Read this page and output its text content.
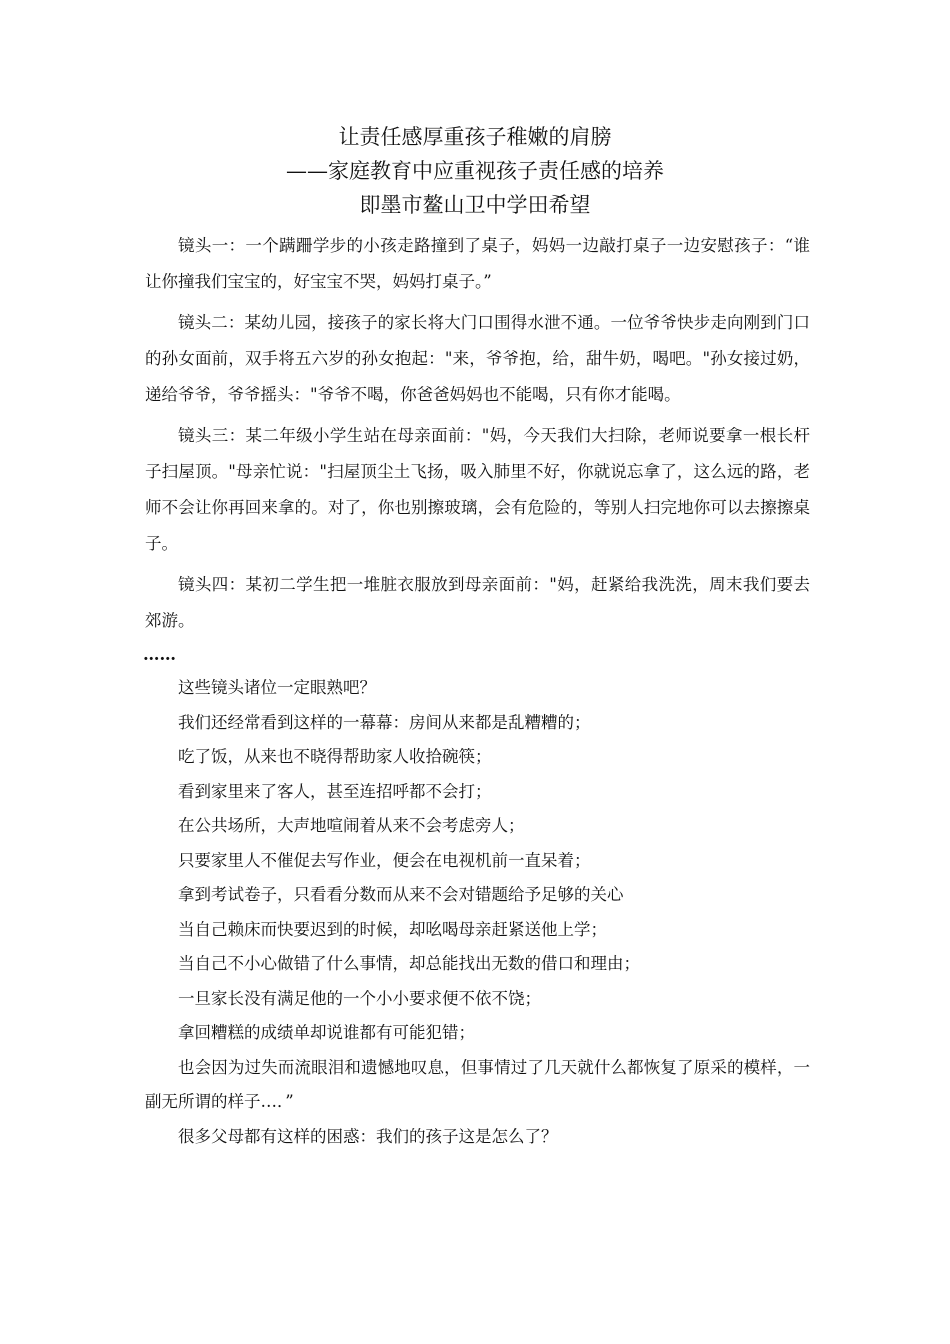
让责任感厚重孩子稚嫩的肩膀
——家庭教育中应重视孩子责任感的培养
即墨市鳌山卫中学田希望

镜头一：一个蹒跚学步的小孩走路撞到了桌子，妈妈一边敲打桌子一边安慰孩子：“谁让你撞我们宝宝的，好宝宝不哭，妈妈打桌子。”

镜头二：某幼儿园，接孩子的家长将大门口围得水泄不通。一位爷爷快步走向刚到门口的孙女面前，双手将五六岁的孙女抱起："来，爷爷抱，给，甜牛奶，喝吧。"孙女接过奶，递给爷爷，爷爷摇头："爷爷不喝，你爸爸妈妈也不能喝，只有你才能喝。

镜头三：某二年级小学生站在母亲面前："妈，今天我们大扫除，老师说要拿一根长杆子扫屋顶。"母亲忙说："扫屋顶尘土飞扬，吸入肺里不好，你就说忘拿了，这么远的路，老师不会让你再回来拿的。对了，你也别擦玻璃，会有危险的，等别人扫完地你可以去擦擦桌子。

镜头四：某初二学生把一堆脏衣服放到母亲面前："妈，赶紧给我洗洗，周末我们要去郊游。

……

这些镜头诸位一定眼熟吧？

我们还经常看到这样的一幕幕：房间从来都是乱糟糟的；

吃了饭，从来也不晓得帮助家人收拾碗筷；

看到家里来了客人，甚至连招呼都不会打；

在公共场所，大声地喧闹着从来不会考虑旁人；

只要家里人不催促去写作业，便会在电视机前一直呆着；

拿到考试卷子，只看看分数而从来不会对错题给予足够的关心

当自己赖床而快要迟到的时候，却吆喝母亲赶紧送他上学；

当自己不小心做错了什么事情，却总能找出无数的借口和理由；

一旦家长没有满足他的一个小小要求便不依不饶；

拿回糟糕的成绩单却说谁都有可能犯错；

也会因为过失而流眼泪和遗憾地叹息，但事情过了几天就什么都恢复了原采的模样，一副无所谓的样子…．”

很多父母都有这样的困惑：我们的孩子这是怎么了？
